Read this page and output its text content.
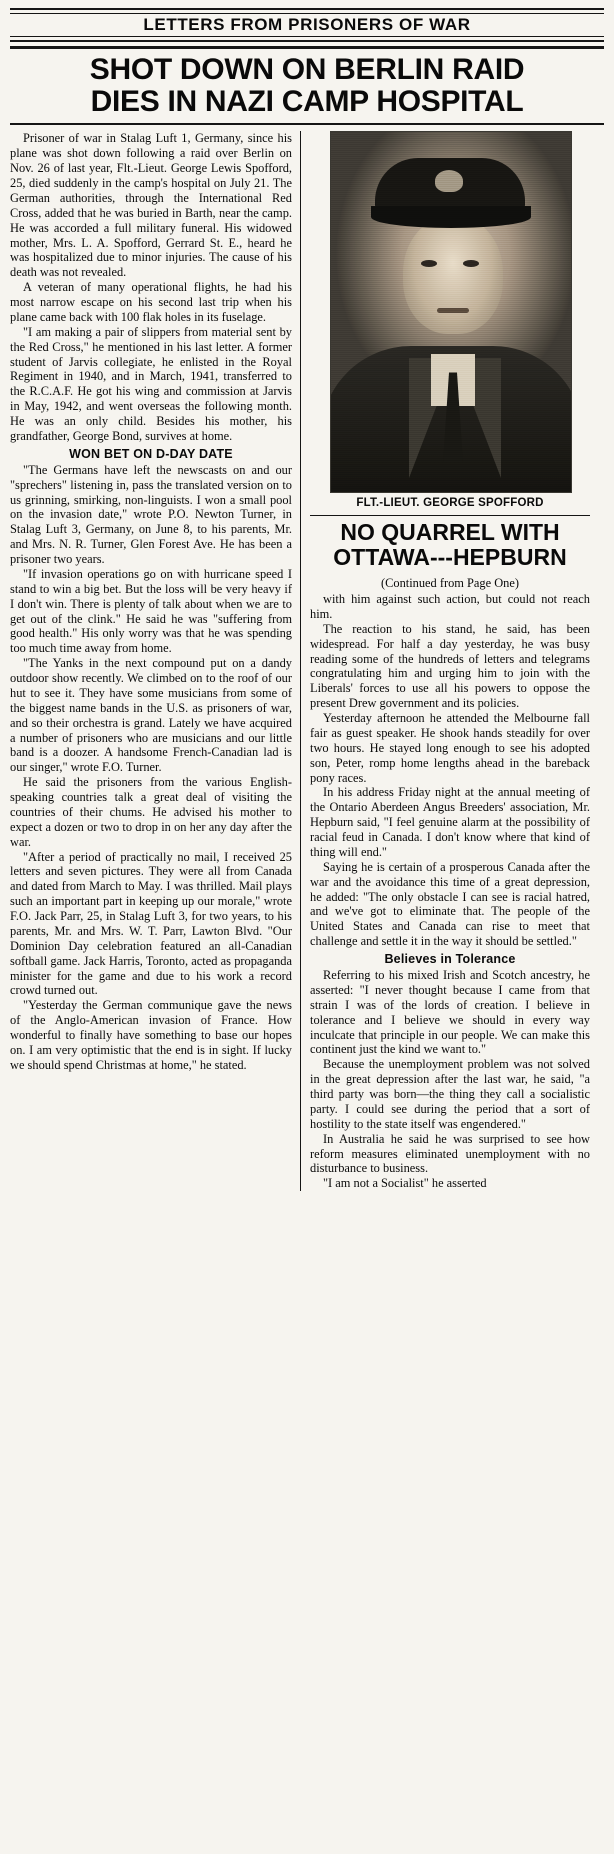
LETTERS FROM PRISONERS OF WAR
SHOT DOWN ON BERLIN RAID
DIES IN NAZI CAMP HOSPITAL

Prisoner of war in Stalag Luft 1, Germany, since his plane was shot down following a raid over Berlin on Nov. 26 of last year, Flt.-Lieut. George Lewis Spofford, 25, died suddenly in the camp's hospital on July 21. The German authorities, through the International Red Cross, added that he was buried in Barth, near the camp. He was accorded a full military funeral. His widowed mother, Mrs. L. A. Spofford, Gerrard St. E., heard he was hospitalized due to minor injuries. The cause of his death was not revealed.

A veteran of many operational flights, he had his most narrow escape on his second last trip when his plane came back with 100 flak holes in its fuselage.

"I am making a pair of slippers from material sent by the Red Cross," he mentioned in his last letter. A former student of Jarvis collegiate, he enlisted in the Royal Regiment in 1940, and in March, 1941, transferred to the R.C.A.F. He got his wing and commission at Jarvis in May, 1942, and went overseas the following month. He was an only child. Besides his mother, his grandfather, George Bond, survives at home.

WON BET ON D-DAY DATE

"The Germans have left the newscasts on and our "sprechers" listening in, pass the translated version on to us grinning, smirking, non-linguists. I won a small pool on the invasion date," wrote P.O. Newton Turner, in Stalag Luft 3, Germany, on June 8, to his parents, Mr. and Mrs. N. R. Turner, Glen Forest Ave. He has been a prisoner two years.

"If invasion operations go on with hurricane speed I stand to win a big bet. But the loss will be very heavy if I don't win. There is plenty of talk about when we are to get out of the clink." He said he was "suffering from good health." His only worry was that he was spending too much time away from home.

"The Yanks in the next compound put on a dandy outdoor show recently. We climbed on to the roof of our hut to see it. They have some musicians from some of the biggest name bands in the U.S. as prisoners of war, and so their orchestra is grand. Lately we have acquired a number of prisoners who are musicians and our little band is a doozer. A handsome French-Canadian lad is our singer," wrote F.O. Turner.

He said the prisoners from the various English-speaking countries talk a great deal of visiting the countries of their chums. He advised his mother to expect a dozen or two to drop in on her any day after the war.

"After a period of practically no mail, I received 25 letters and seven pictures. They were all from Canada and dated from March to May. I was thrilled. Mail plays such an important part in keeping up our morale," wrote F.O. Jack Parr, 25, in Stalag Luft 3, for two years, to his parents, Mr. and Mrs. W. T. Parr, Lawton Blvd. "Our Dominion Day celebration featured an all-Canadian softball game. Jack Harris, Toronto, acted as propaganda minister for the game and due to his work a record crowd turned out.

"Yesterday the German communique gave the news of the Anglo-American invasion of France. How wonderful to finally have something to base our hopes on. I am very optimistic that the end is in sight. If lucky we should spend Christmas at home," he stated.

FLT.-LIEUT. GEORGE SPOFFORD
NO QUARREL WITH
OTTAWA---HEPBURN
(Continued from Page One)

with him against such action, but could not reach him.

The reaction to his stand, he said, has been widespread. For half a day yesterday, he was busy reading some of the hundreds of letters and telegrams congratulating him and urging him to join with the Liberals' forces to use all his powers to oppose the present Drew government and its policies.

Yesterday afternoon he attended the Melbourne fall fair as guest speaker. He shook hands steadily for over two hours. He stayed long enough to see his adopted son, Peter, romp home lengths ahead in the bareback pony races.

In his address Friday night at the annual meeting of the Ontario Aberdeen Angus Breeders' association, Mr. Hepburn said, "I feel genuine alarm at the possibility of racial feud in Canada. I don't know where that kind of thing will end."

Saying he is certain of a prosperous Canada after the war and the avoidance this time of a great depression, he added: "The only obstacle I can see is racial hatred, and we've got to eliminate that. The people of the United States and Canada can rise to meet that challenge and settle it in the way it should be settled."

Believes in Tolerance

Referring to his mixed Irish and Scotch ancestry, he asserted: "I never thought because I came from that strain I was of the lords of creation. I believe in tolerance and I believe we should in every way inculcate that principle in our people. We can make this continent just the kind we want to."

Because the unemployment problem was not solved in the great depression after the last war, he said, "a third party was born—the thing they call a socialistic party. I could see during the period that a sort of hostility to the state itself was engendered."

In Australia he said he was surprised to see how reform measures eliminated unemployment with no disturbance to business.

"I am not a Socialist" he asserted
